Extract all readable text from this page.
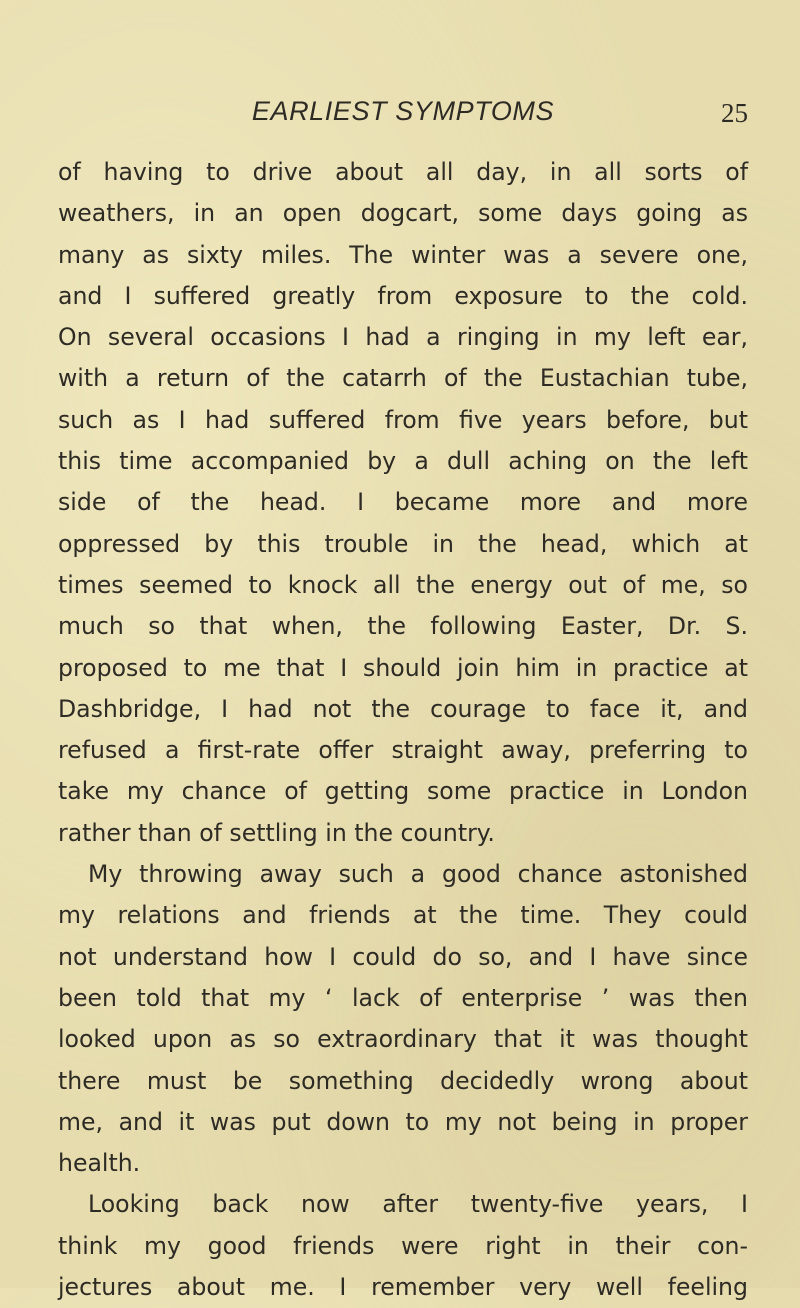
EARLIEST SYMPTOMS	25
of having to drive about all day, in all sorts of
weathers, in an open dogcart, some days going as
many as sixty miles. The winter was a severe one,
and I suffered greatly from exposure to the cold.
On several occasions I had a ringing in my left ear,
with a return of the catarrh of the Eustachian tube,
such as I had suffered from five years before, but
this time accompanied by a dull aching on the left
side of the head. I became more and more
oppressed by this trouble in the head, which at
times seemed to knock all the energy out of me, so
much so that when, the following Easter, Dr. S.
proposed to me that I should join him in practice at
Dashbridge, I had not the courage to face it, and
refused a first-rate offer straight away, preferring to
take my chance of getting some practice in London
rather than of settling in the country.
My throwing away such a good chance astonished
my relations and friends at the time. They could
not understand how I could do so, and I have since
been told that my ‘ lack of enterprise ’ was then
looked upon as so extraordinary that it was thought
there must be something decidedly wrong about
me, and it was put down to my not being in proper
health.
Looking back now after twenty-five years, I
think my good friends were right in their con-
jectures about me. I remember very well feeling
